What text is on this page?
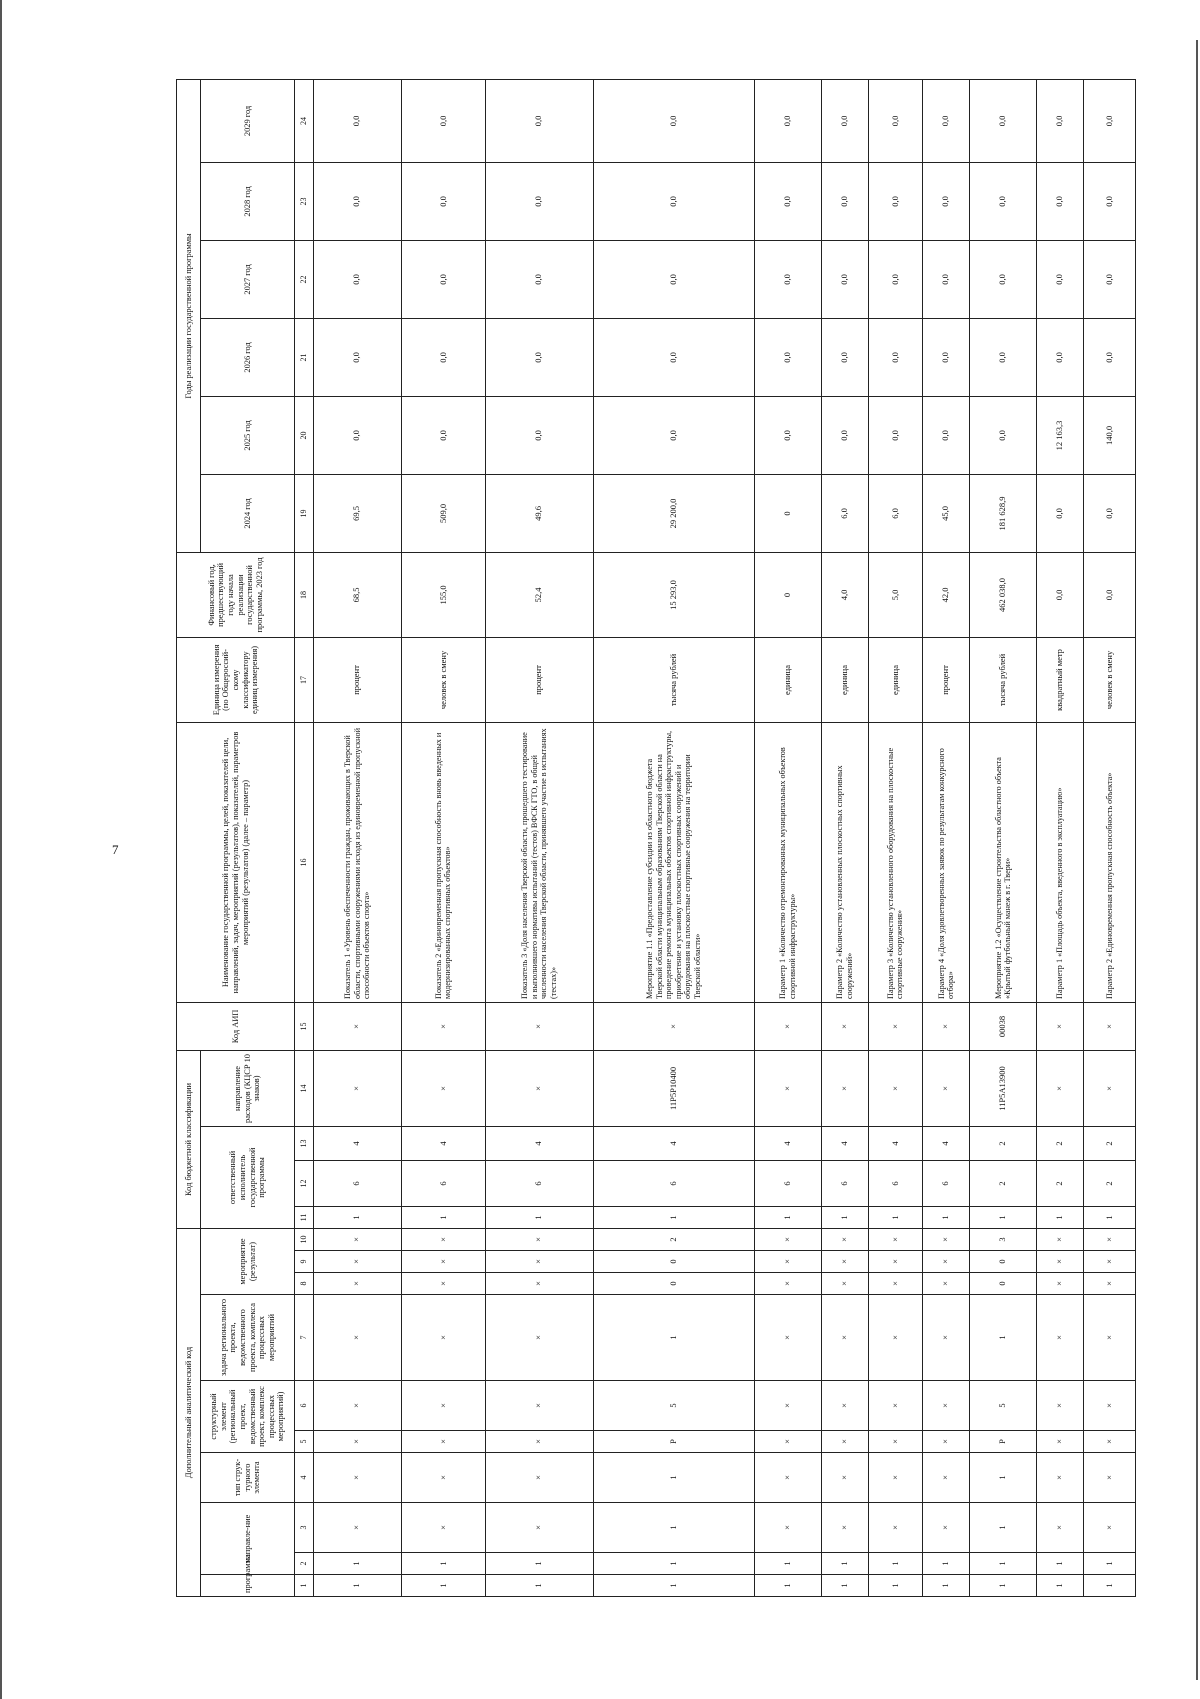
7
Дополнительный аналитический код										Код бюджетной классификации				Код АИП	Наименование государственной программы, целей, показателей цели, направлений, задач, мероприятий (результатов), показателей, параметров мероприятий (результатов) (далее – параметр)	Единица измерения (по Общероссий-скому классификатору единиц измерения)	Финансовый год, предшествующий году начала реализации государственной программы, 2023 год	Годы реализации государственной программы					
программа	направле-ние		тип струк-турного элемента	структурный элемент (региональный проект, ведомственный проект, комплекс процессных мероприятий)		задача регионального проекта, ведомственного проекта, комплекса процессных мероприятий	мероприятие (результат)			ответственный исполнитель государственной программы			направление расходов (КЦСР 10 знаков)					2024 год	2025 год	2026 год	2027 год	2028 год	2029 год

1	2	3	4	5	6	7	8	9	10	11	12	13	14	15	16	17	18	19	20	21	22	23	24
1	1	×	×	×	×	×	×	×	×	1	6	4	×	×	Показатель 1 «Уровень обеспеченности граждан, проживающих в Тверской области, спортивными сооружениями исходя из единовременной пропускной способности объектов спорта»	процент	68,5	69,5	0,0	0,0	0,0	0,0	0,0
1	1	×	×	×	×	×	×	×	×	1	6	4	×	×	Показатель 2 «Единовременная пропускная способность вновь введенных и модернизированных спортивных объектов»	человек в смену	155,0	509,0	0,0	0,0	0,0	0,0	0,0
1	1	×	×	×	×	×	×	×	×	1	6	4	×	×	Показатель 3 «Доля населения Тверской области, прошедшего тестирование и выполнившего нормативы испытаний (тестов) ВФСК ГТО, в общей численности населения Тверской области, принявшего участие в испытаниях (тестах)»	процент	52,4	49,6	0,0	0,0	0,0	0,0	0,0
1	1	1	1	Р	5	1	0	0	2	1	6	4	11Р5Р10400	×	Мероприятие 1.1 «Предоставление субсидии из областного бюджета Тверской области муниципальным образованиям Тверской области на проведение ремонта муниципальных объектов спортивной инфраструктуры, приобретение и установку плоскостных спортивных сооружений и оборудования на плоскостные спортивные сооружения на территории Тверской области»	тысяча рублей	15 293,0	29 200,0	0,0	0,0	0,0	0,0	0,0
1	1	×	×	×	×	×	×	×	×	1	6	4	×	×	Параметр 1 «Количество отремонтированных муниципальных объектов спортивной инфраструктуры»	единица	0	0	0,0	0,0	0,0	0,0	0,0
1	1	×	×	×	×	×	×	×	×	1	6	4	×	×	Параметр 2 «Количество установленных плоскостных спортивных сооружений»	единица	4,0	6,0	0,0	0,0	0,0	0,0	0,0
1	1	×	×	×	×	×	×	×	×	1	6	4	×	×	Параметр 3 «Количество установленного оборудования на плоскостные спортивные сооружения»	единица	5,0	6,0	0,0	0,0	0,0	0,0	0,0
1	1	×	×	×	×	×	×	×	×	1	6	4	×	×	Параметр 4 «Доля удовлетворенных заявок по результатам конкурсного отбора»	процент	42,0	45,0	0,0	0,0	0,0	0,0	0,0
1	1	1	1	Р	5	1	0	0	3	1	2	2	11Р5А13900	00038	Мероприятие 1.2 «Осуществление строительства областного объекта «Крытый футбольный манеж в г. Твери»	тысяча рублей	462 038,0	181 628,9	0,0	0,0	0,0	0,0	0,0
1	1	×	×	×	×	×	×	×	×	1	2	2	×	×	Параметр 1 «Площадь объекта, введенного в эксплуатацию»	квадратный метр	0,0	0,0	12 163,3	0,0	0,0	0,0	0,0
1	1	×	×	×	×	×	×	×	×	1	2	2	×	×	Параметр 2 «Единовременная пропускная способность объекта»	человек в смену	0,0	0,0	140,0	0,0	0,0	0,0	0,0
